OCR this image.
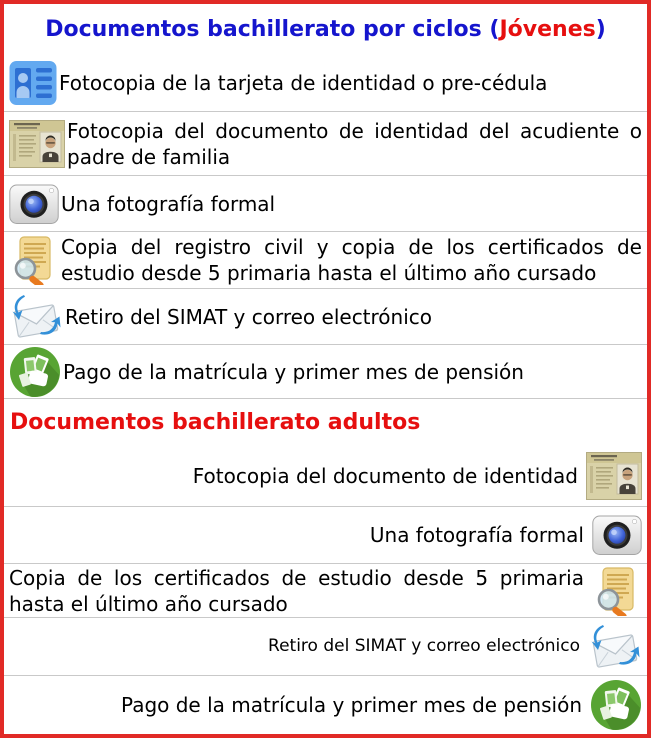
Documentos bachillerato por ciclos ( Jóvenes )
Fotocopia de la tarjeta de identidad o pre-cédula
Fotocopia del documento de identidad del acudiente o padre de familia
Una fotografía formal
Copia del registro civil y copia de los certificados de estudio desde 5 primaria hasta el último año cursado
Retiro del SIMAT y correo electrónico
Pago de la matrícula y primer mes de pensión
Documentos bachillerato adultos
Fotocopia del documento de identidad
Una fotografía formal
Copia de los certificados de estudio desde 5 primaria hasta el último año cursado
Retiro del SIMAT y correo electrónico
Pago de la matrícula y primer mes de pensión
